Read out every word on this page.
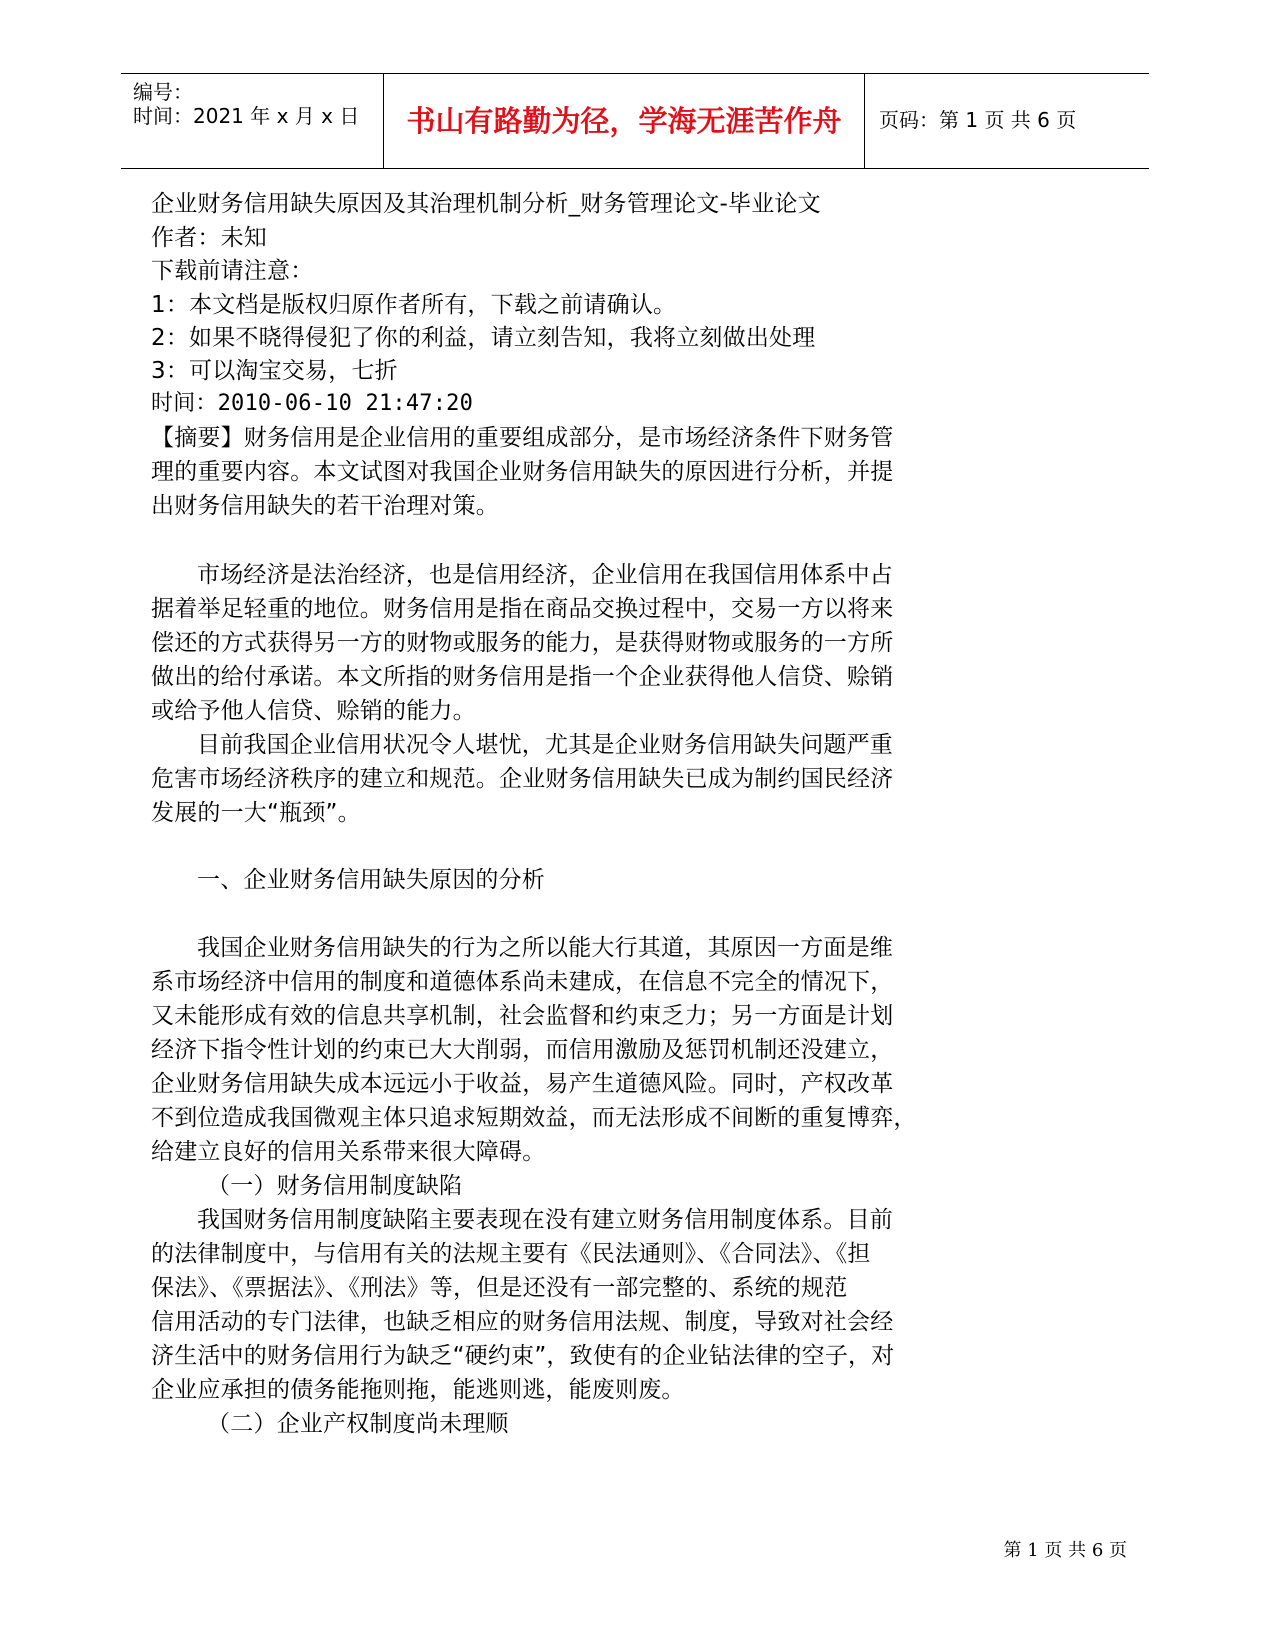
编号：
时间：2021 年 x 月 x 日	书山有路勤为径，学海无涯苦作舟	页码：第 1 页 共 6 页

企业财务信用缺失原因及其治理机制分析_财务管理论文-毕业论文

作者：未知

下载前请注意：

1：本文档是版权归原作者所有，下载之前请确认。

2：如果不晓得侵犯了你的利益，请立刻告知，我将立刻做出处理

3：可以淘宝交易，七折

时间：2010-06-10 21:47:20

【摘要】财务信用是企业信用的重要组成部分，是市场经济条件下财务管

理的重要内容。本文试图对我国企业财务信用缺失的原因进行分析，并提

出财务信用缺失的若干治理对策。

市场经济是法治经济，也是信用经济，企业信用在我国信用体系中占

据着举足轻重的地位。财务信用是指在商品交换过程中，交易一方以将来

偿还的方式获得另一方的财物或服务的能力，是获得财物或服务的一方所

做出的给付承诺。本文所指的财务信用是指一个企业获得他人信贷、赊销

或给予他人信贷、赊销的能力。

目前我国企业信用状况令人堪忧，尤其是企业财务信用缺失问题严重

危害市场经济秩序的建立和规范。企业财务信用缺失已成为制约国民经济

发展的一大“瓶颈”。

一、企业财务信用缺失原因的分析

我国企业财务信用缺失的行为之所以能大行其道，其原因一方面是维

系市场经济中信用的制度和道德体系尚未建成，在信息不完全的情况下，

又未能形成有效的信息共享机制，社会监督和约束乏力；另一方面是计划

经济下指令性计划的约束已大大削弱，而信用激励及惩罚机制还没建立，

企业财务信用缺失成本远远小于收益，易产生道德风险。同时，产权改革

不到位造成我国微观主体只追求短期效益，而无法形成不间断的重复博弈，

给建立良好的信用关系带来很大障碍。

（一）财务信用制度缺陷

我国财务信用制度缺陷主要表现在没有建立财务信用制度体系。目前

的法律制度中，与信用有关的法规主要有《民法通则》、《合同法》、《担

保法》、《票据法》、《刑法》等，但是还没有一部完整的、系统的规范

信用活动的专门法律，也缺乏相应的财务信用法规、制度，导致对社会经

济生活中的财务信用行为缺乏“硬约束”，致使有的企业钻法律的空子，对

企业应承担的债务能拖则拖，能逃则逃，能废则废。

（二）企业产权制度尚未理顺

第 1 页 共 6 页
